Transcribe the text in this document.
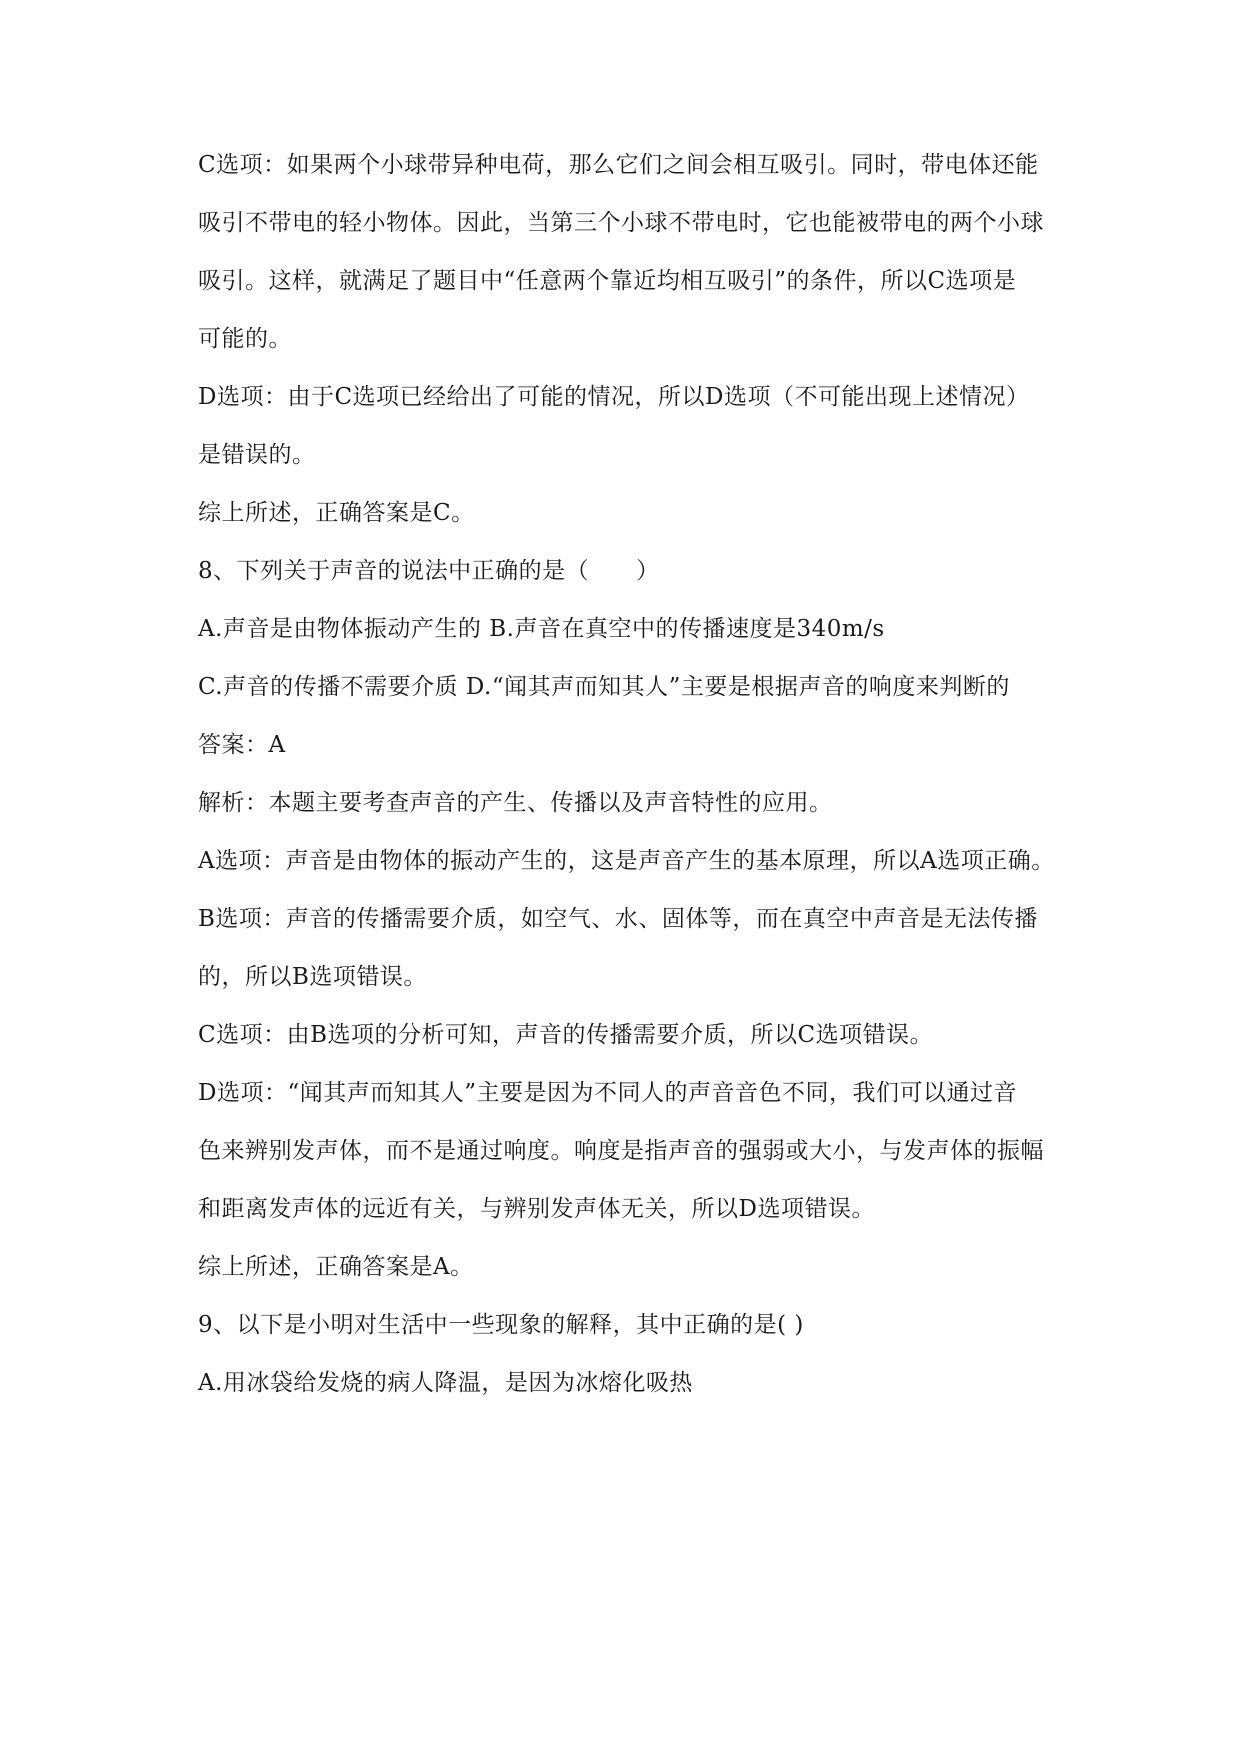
C选项：如果两个小球带异种电荷，那么它们之间会相互吸引。同时，带电体还能
吸引不带电的轻小物体。因此，当第三个小球不带电时，它也能被带电的两个小球
吸引。这样，就满足了题目中“任意两个靠近均相互吸引”的条件，所以C选项是
可能的。
D选项：由于C选项已经给出了可能的情况，所以D选项（不可能出现上述情况）
是错误的。
综上所述，正确答案是C。
8、下列关于声音的说法中正确的是（　　）
A.声音是由物体振动产生的 B.声音在真空中的传播速度是340m/s
C.声音的传播不需要介质 D.“闻其声而知其人”主要是根据声音的响度来判断的
答案：A
解析：本题主要考查声音的产生、传播以及声音特性的应用。
A选项：声音是由物体的振动产生的，这是声音产生的基本原理，所以A选项正确。
B选项：声音的传播需要介质，如空气、水、固体等，而在真空中声音是无法传播
的，所以B选项错误。
C选项：由B选项的分析可知，声音的传播需要介质，所以C选项错误。
D选项：“闻其声而知其人”主要是因为不同人的声音音色不同，我们可以通过音
色来辨别发声体，而不是通过响度。响度是指声音的强弱或大小，与发声体的振幅
和距离发声体的远近有关，与辨别发声体无关，所以D选项错误。
综上所述，正确答案是A。
9、以下是小明对生活中一些现象的解释，其中正确的是( )
A.用冰袋给发烧的病人降温，是因为冰熔化吸热
